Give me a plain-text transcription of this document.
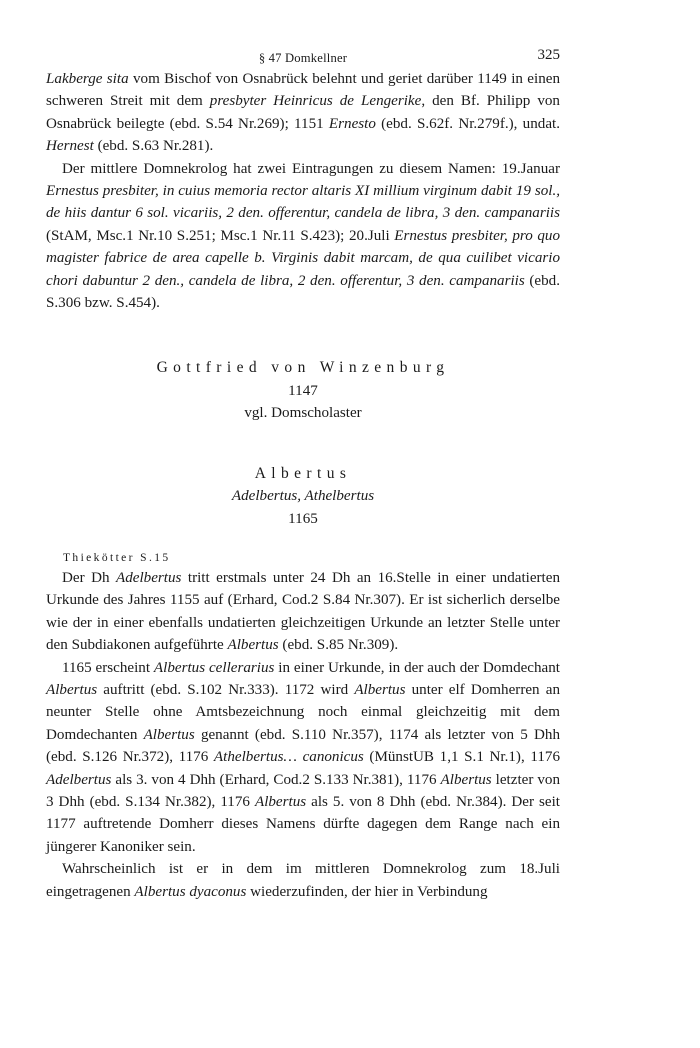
§ 47 Domkellner	325

Lakberge sita vom Bischof von Osnabrück belehnt und geriet darüber 1149 in einen schweren Streit mit dem presbyter Heinricus de Lengerike, den Bf. Philipp von Osnabrück beilegte (ebd. S.54 Nr.269); 1151 Ernesto (ebd. S.62f. Nr.279f.), undat. Hernest (ebd. S.63 Nr.281).

Der mittlere Domnekrolog hat zwei Eintragungen zu diesem Namen: 19.Januar Ernestus presbiter, in cuius memoria rector altaris XI millium virginum dabit 19 sol., de hiis dantur 6 sol. vicariis, 2 den. offerentur, candela de libra, 3 den. campanariis (StAM, Msc.1 Nr.10 S.251; Msc.1 Nr.11 S.423); 20.Juli Ernestus presbiter, pro quo magister fabrice de area capelle b. Virginis dabit marcam, de qua cuilibet vicario chori dabuntur 2 den., candela de libra, 2 den. offerentur, 3 den. campanariis (ebd. S.306 bzw. S.454).

Gottfried von Winzenburg
1147
vgl. Domscholaster
Albertus
Adelbertus, Athelbertus
1165
Thiekötter S.15

Der Dh Adelbertus tritt erstmals unter 24 Dh an 16.Stelle in einer undatierten Urkunde des Jahres 1155 auf (Erhard, Cod.2 S.84 Nr.307). Er ist sicherlich derselbe wie der in einer ebenfalls undatierten gleichzeitigen Urkunde an letzter Stelle unter den Subdiakonen aufgeführte Albertus (ebd. S.85 Nr.309).

1165 erscheint Albertus cellerarius in einer Urkunde, in der auch der Domdechant Albertus auftritt (ebd. S.102 Nr.333). 1172 wird Albertus unter elf Domherren an neunter Stelle ohne Amtsbezeichnung noch einmal gleichzeitig mit dem Domdechanten Albertus genannt (ebd. S.110 Nr.357), 1174 als letzter von 5 Dhh (ebd. S.126 Nr.372), 1176 Athelbertus… canonicus (MünstUB 1,1 S.1 Nr.1), 1176 Adelbertus als 3. von 4 Dhh (Erhard, Cod.2 S.133 Nr.381), 1176 Albertus letzter von 3 Dhh (ebd. S.134 Nr.382), 1176 Albertus als 5. von 8 Dhh (ebd. Nr.384). Der seit 1177 auftretende Domherr dieses Namens dürfte dagegen dem Range nach ein jüngerer Kanoniker sein.

Wahrscheinlich ist er in dem im mittleren Domnekrolog zum 18.Juli eingetragenen Albertus dyaconus wiederzufinden, der hier in Verbindung
